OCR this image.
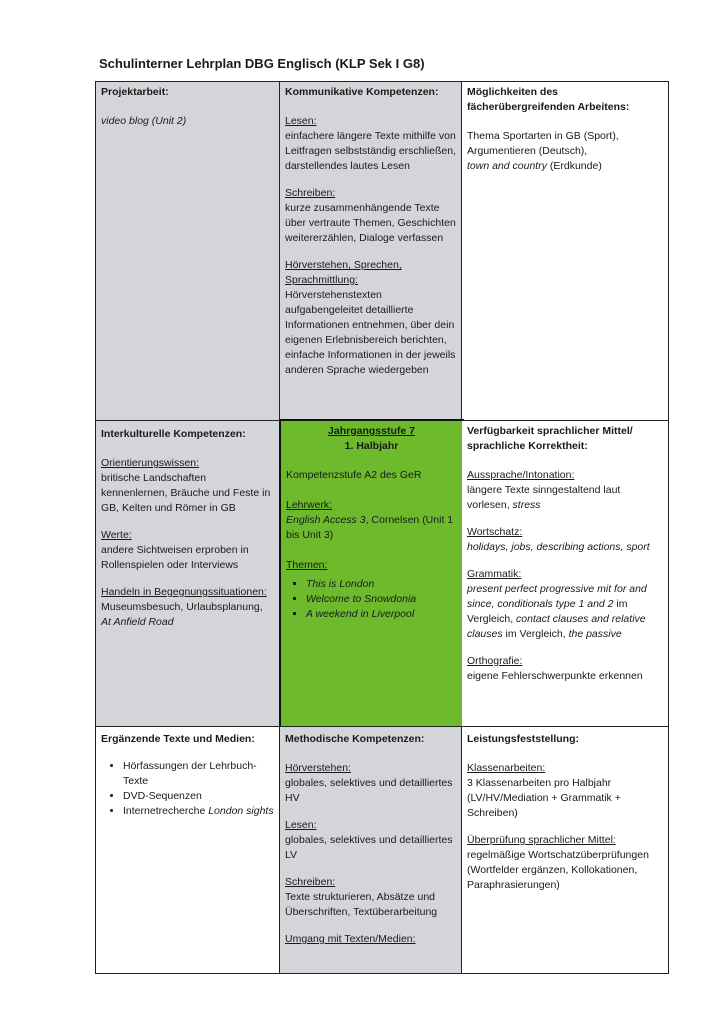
Schulinterner Lehrplan DBG Englisch (KLP Sek I G8)
Projektarbeit:
video blog (Unit 2)
Kommunikative Kompetenzen:
Lesen:
einfachere längere Texte mithilfe von Leitfragen selbstständig erschließen, darstellendes lautes Lesen
Schreiben:
kurze zusammenhängende Texte über vertraute Themen, Geschichten weitererzählen, Dialoge verfassen
Hörverstehen, Sprechen, Sprachmittlung:
Hörverstehenstexten aufgabengeleitet detaillierte Informationen entnehmen, über dein eigenen Erlebnisbereich berichten, einfache Informationen in der jeweils anderen Sprache wiedergeben
Möglichkeiten des fächerübergreifenden Arbeitens:
Thema Sportarten in GB (Sport),
Argumentieren (Deutsch),
town and country (Erdkunde)
Interkulturelle Kompetenzen:
Orientierungswissen:
britische Landschaften kennenlernen, Bräuche und Feste in GB, Kelten und Römer in GB
Werte:
andere Sichtweisen erproben in Rollenspielen oder Interviews
Handeln in Begegnungssituationen:
Museumsbesuch, Urlaubsplanung,
At Anfield Road
Jahrgangsstufe 7
1. Halbjahr
Kompetenzstufe A2 des GeR
Lehrwerk:
English Access 3, Cornelsen (Unit 1 bis Unit 3)
Themen:
▪ This is London
▪ Welcome to Snowdonia
▪ A weekend in Liverpool
Verfügbarkeit sprachlicher Mittel/ sprachliche Korrektheit:
Aussprache/Intonation:
längere Texte sinngestaltend laut vorlesen, stress
Wortschatz:
holidays, jobs, describing actions, sport
Grammatik:
present perfect progressive mit for and since, conditionals type 1 and 2 im Vergleich, contact clauses and relative clauses im Vergleich, the passive
Orthografie:
eigene Fehlerschwerpunkte erkennen
Ergänzende Texte und Medien:
• Hörfassungen der Lehrbuch-Texte
• DVD-Sequenzen
• Internetrecherche London sights
Methodische Kompetenzen:
Hörverstehen:
globales, selektives und detailliertes HV
Lesen:
globales, selektives und detailliertes LV
Schreiben:
Texte strukturieren, Absätze und Überschriften, Textüberarbeitung
Umgang mit Texten/Medien:
Leistungsfeststellung:
Klassenarbeiten:
3 Klassenarbeiten pro Halbjahr (LV/HV/Mediation + Grammatik + Schreiben)
Überprüfung sprachlicher Mittel:
regelmäßige Wortschatzüberprüfungen (Wortfelder ergänzen, Kollokationen, Paraphrasierungen)
